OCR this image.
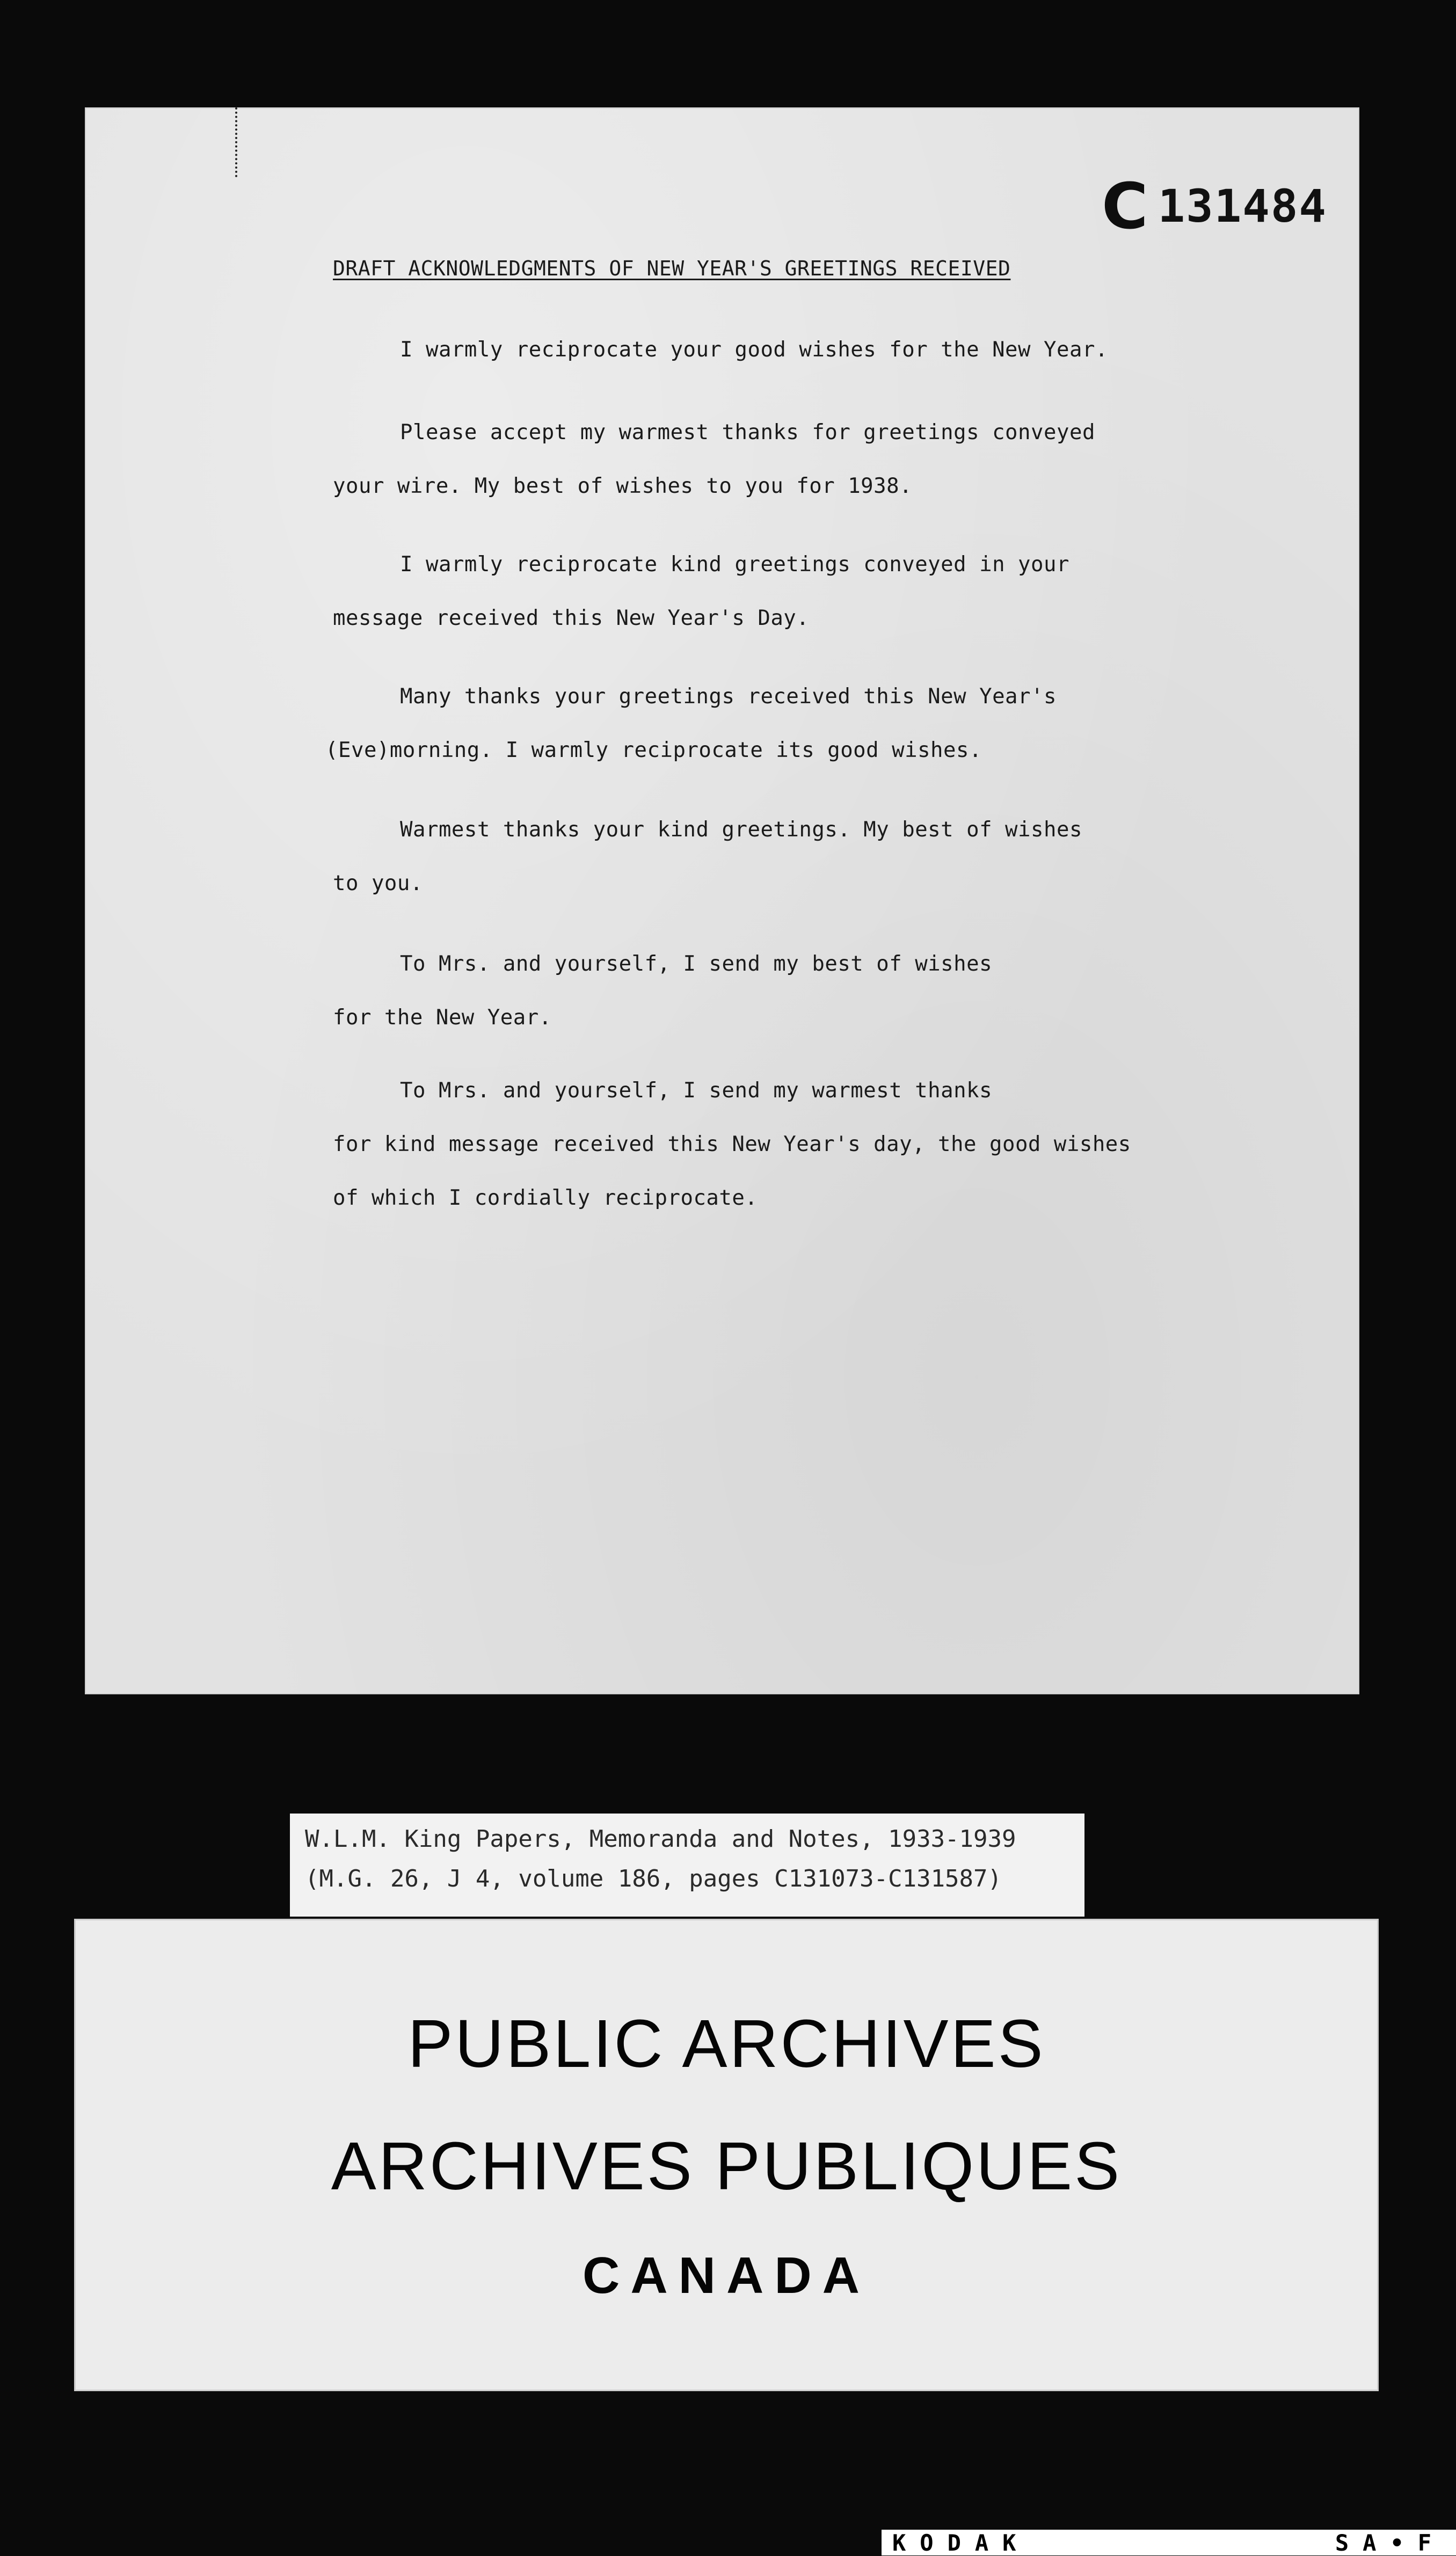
C 131484
DRAFT ACKNOWLEDGMENTS OF NEW YEAR'S GREETINGS RECEIVED
I warmly reciprocate your good wishes for the New Year.
Please accept my warmest thanks for greetings conveyed
your wire. My best of wishes to you for 1938.
I warmly reciprocate kind greetings conveyed in your
message received this New Year's Day.
Many thanks your greetings received this New Year's
(Eve)morning. I warmly reciprocate its good wishes.
Warmest thanks your kind greetings. My best of wishes
to you.
To Mrs. and yourself, I send my best of wishes
for the New Year.
To Mrs. and yourself, I send my warmest thanks
for kind message received this New Year's day, the good wishes
of which I cordially reciprocate.
W.L.M. King Papers, Memoranda and Notes, 1933-1939
(M.G. 26, J 4, volume 186, pages C131073-C131587)
PUBLIC ARCHIVES
ARCHIVES PUBLIQUES
CANADA
KODAK	SA•F
